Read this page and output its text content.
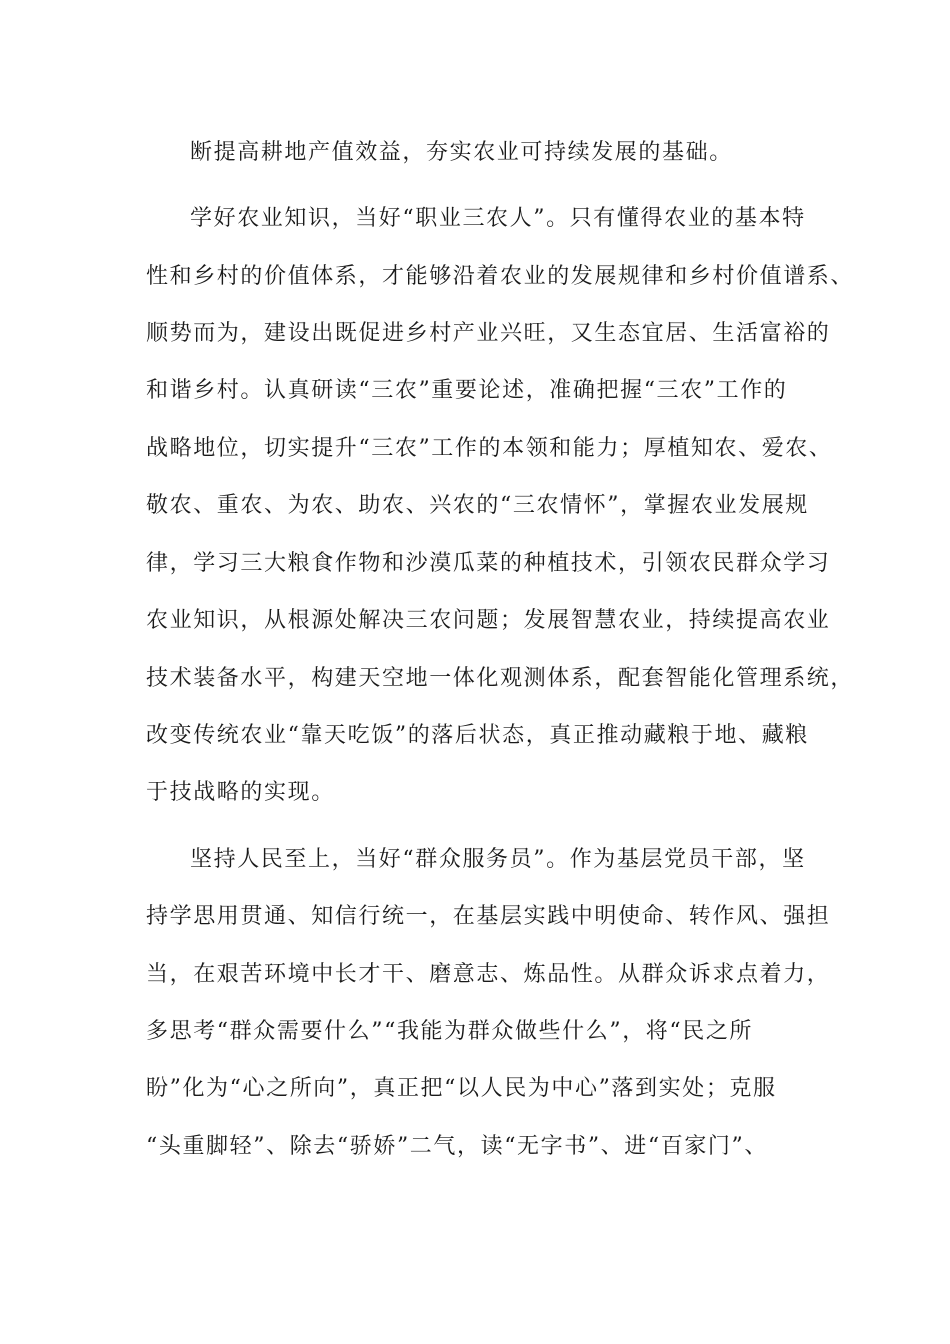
断提高耕地产值效益，夯实农业可持续发展的基础。
学好农业知识，当好“职业三农人”。只有懂得农业的基本特
性和乡村的价值体系，才能够沿着农业的发展规律和乡村价值谱系、
顺势而为，建设出既促进乡村产业兴旺，又生态宜居、生活富裕的
和谐乡村。认真研读“三农”重要论述，准确把握“三农”工作的
战略地位，切实提升“三农”工作的本领和能力；厚植知农、爱农、
敬农、重农、为农、助农、兴农的“三农情怀”，掌握农业发展规
律，学习三大粮食作物和沙漠瓜菜的种植技术，引领农民群众学习
农业知识，从根源处解决三农问题；发展智慧农业，持续提高农业
技术装备水平，构建天空地一体化观测体系，配套智能化管理系统，
改变传统农业“靠天吃饭”的落后状态，真正推动藏粮于地、藏粮
于技战略的实现。
坚持人民至上，当好“群众服务员”。作为基层党员干部，坚
持学思用贯通、知信行统一，在基层实践中明使命、转作风、强担
当，在艰苦环境中长才干、磨意志、炼品性。从群众诉求点着力，
多思考“群众需要什么”“我能为群众做些什么”，将“民之所
盼”化为“心之所向”，真正把“以人民为中心”落到实处；克服
“头重脚轻”、除去“骄娇”二气，读“无字书”、进“百家门”、
